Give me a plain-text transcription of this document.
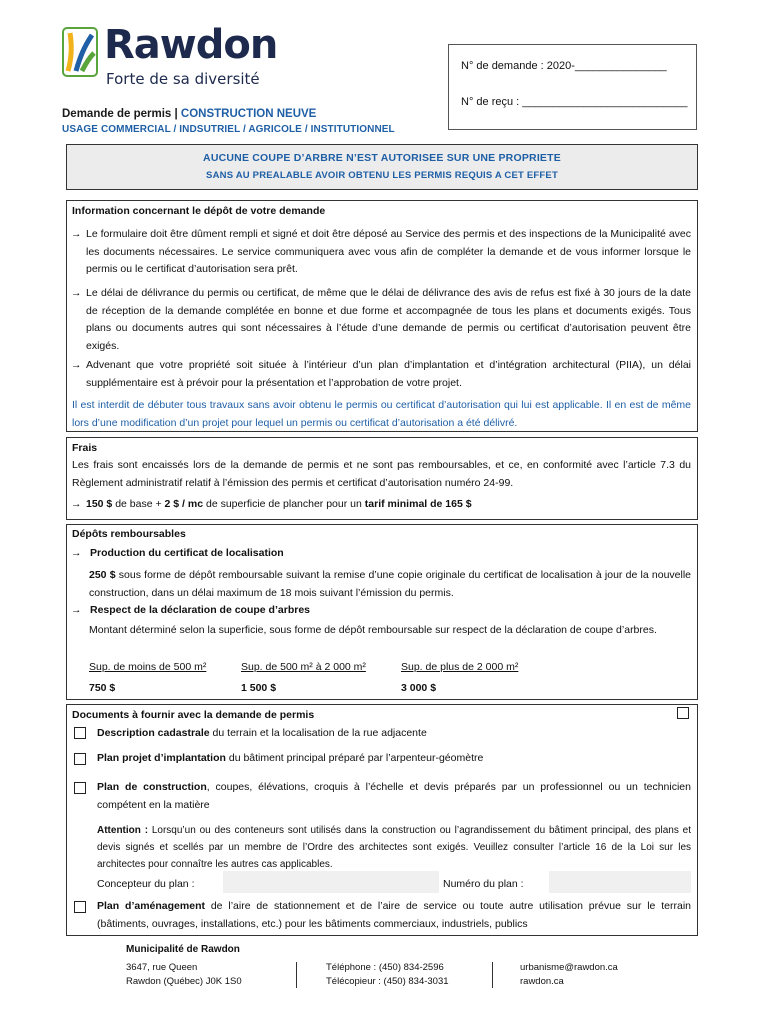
Rawdon
Forte de sa diversité
N° de demande : 2020-_______________
N° de reçu : ___________________________
Demande de permis | CONSTRUCTION NEUVE
USAGE COMMERCIAL / INDSUTRIEL / AGRICOLE / INSTITUTIONNEL
AUCUNE COUPE D’ARBRE N’EST AUTORISEE SUR UNE PROPRIETE
SANS AU PREALABLE AVOIR OBTENU LES PERMIS REQUIS A CET EFFET
Information concernant le dépôt de votre demande
→ Le formulaire doit être dûment rempli et signé et doit être déposé au Service des permis et des inspections de la Municipalité avec les documents nécessaires. Le service communiquera avec vous afin de compléter la demande et de vous informer lorsque le permis ou le certificat d’autorisation sera prêt.
→ Le délai de délivrance du permis ou certificat, de même que le délai de délivrance des avis de refus est fixé à 30 jours de la date de réception de la demande complétée en bonne et due forme et accompagnée de tous les plans et documents exigés. Tous plans ou documents autres qui sont nécessaires à l’étude d’une demande de permis ou certificat d’autorisation peuvent être exigés.
→ Advenant que votre propriété soit située à l’intérieur d’un plan d’implantation et d’intégration architectural (PIIA), un délai supplémentaire est à prévoir pour la présentation et l’approbation de votre projet.
Il est interdit de débuter tous travaux sans avoir obtenu le permis ou certificat d’autorisation qui lui est applicable. Il en est de même lors d’une modification d’un projet pour lequel un permis ou certificat d’autorisation a été délivré.
Frais
Les frais sont encaissés lors de la demande de permis et ne sont pas remboursables, et ce, en conformité avec l’article 7.3 du Règlement administratif relatif à l’émission des permis et certificat d’autorisation numéro 24-99.
→ 150 $ de base + 2 $ / mc de superficie de plancher pour un tarif minimal de 165 $
Dépôts remboursables
→ Production du certificat de localisation
250 $ sous forme de dépôt remboursable suivant la remise d’une copie originale du certificat de localisation à jour de la nouvelle construction, dans un délai maximum de 18 mois suivant l’émission du permis.
→ Respect de la déclaration de coupe d’arbres
Montant déterminé selon la superficie, sous forme de dépôt remboursable sur respect de la déclaration de coupe d’arbres.
Sup. de moins de 500 m²	Sup. de 500 m² à 2 000 m²	Sup. de plus de 2 000 m²
750 $	1 500 $	3 000 $
Documents à fournir avec la demande de permis
Description cadastrale du terrain et la localisation de la rue adjacente
Plan projet d’implantation du bâtiment principal préparé par l’arpenteur-géomètre
Plan de construction, coupes, élévations, croquis à l’échelle et devis préparés par un professionnel ou un technicien compétent en la matière
Attention : Lorsqu’un ou des conteneurs sont utilisés dans la construction ou l’agrandissement du bâtiment principal, des plans et devis signés et scellés par un membre de l’Ordre des architectes sont exigés. Veuillez consulter l’article 16 de la Loi sur les architectes pour connaître les autres cas applicables.
Concepteur du plan :	Numéro du plan :
Plan d’aménagement de l’aire de stationnement et de l’aire de service ou toute autre utilisation prévue sur le terrain (bâtiments, ouvrages, installations, etc.) pour les bâtiments commerciaux, industriels, publics
Municipalité de Rawdon
3647, rue Queen
Rawdon (Québec) J0K 1S0
Téléphone : (450) 834-2596
Télécopieur : (450) 834-3031
urbanisme@rawdon.ca
rawdon.ca
